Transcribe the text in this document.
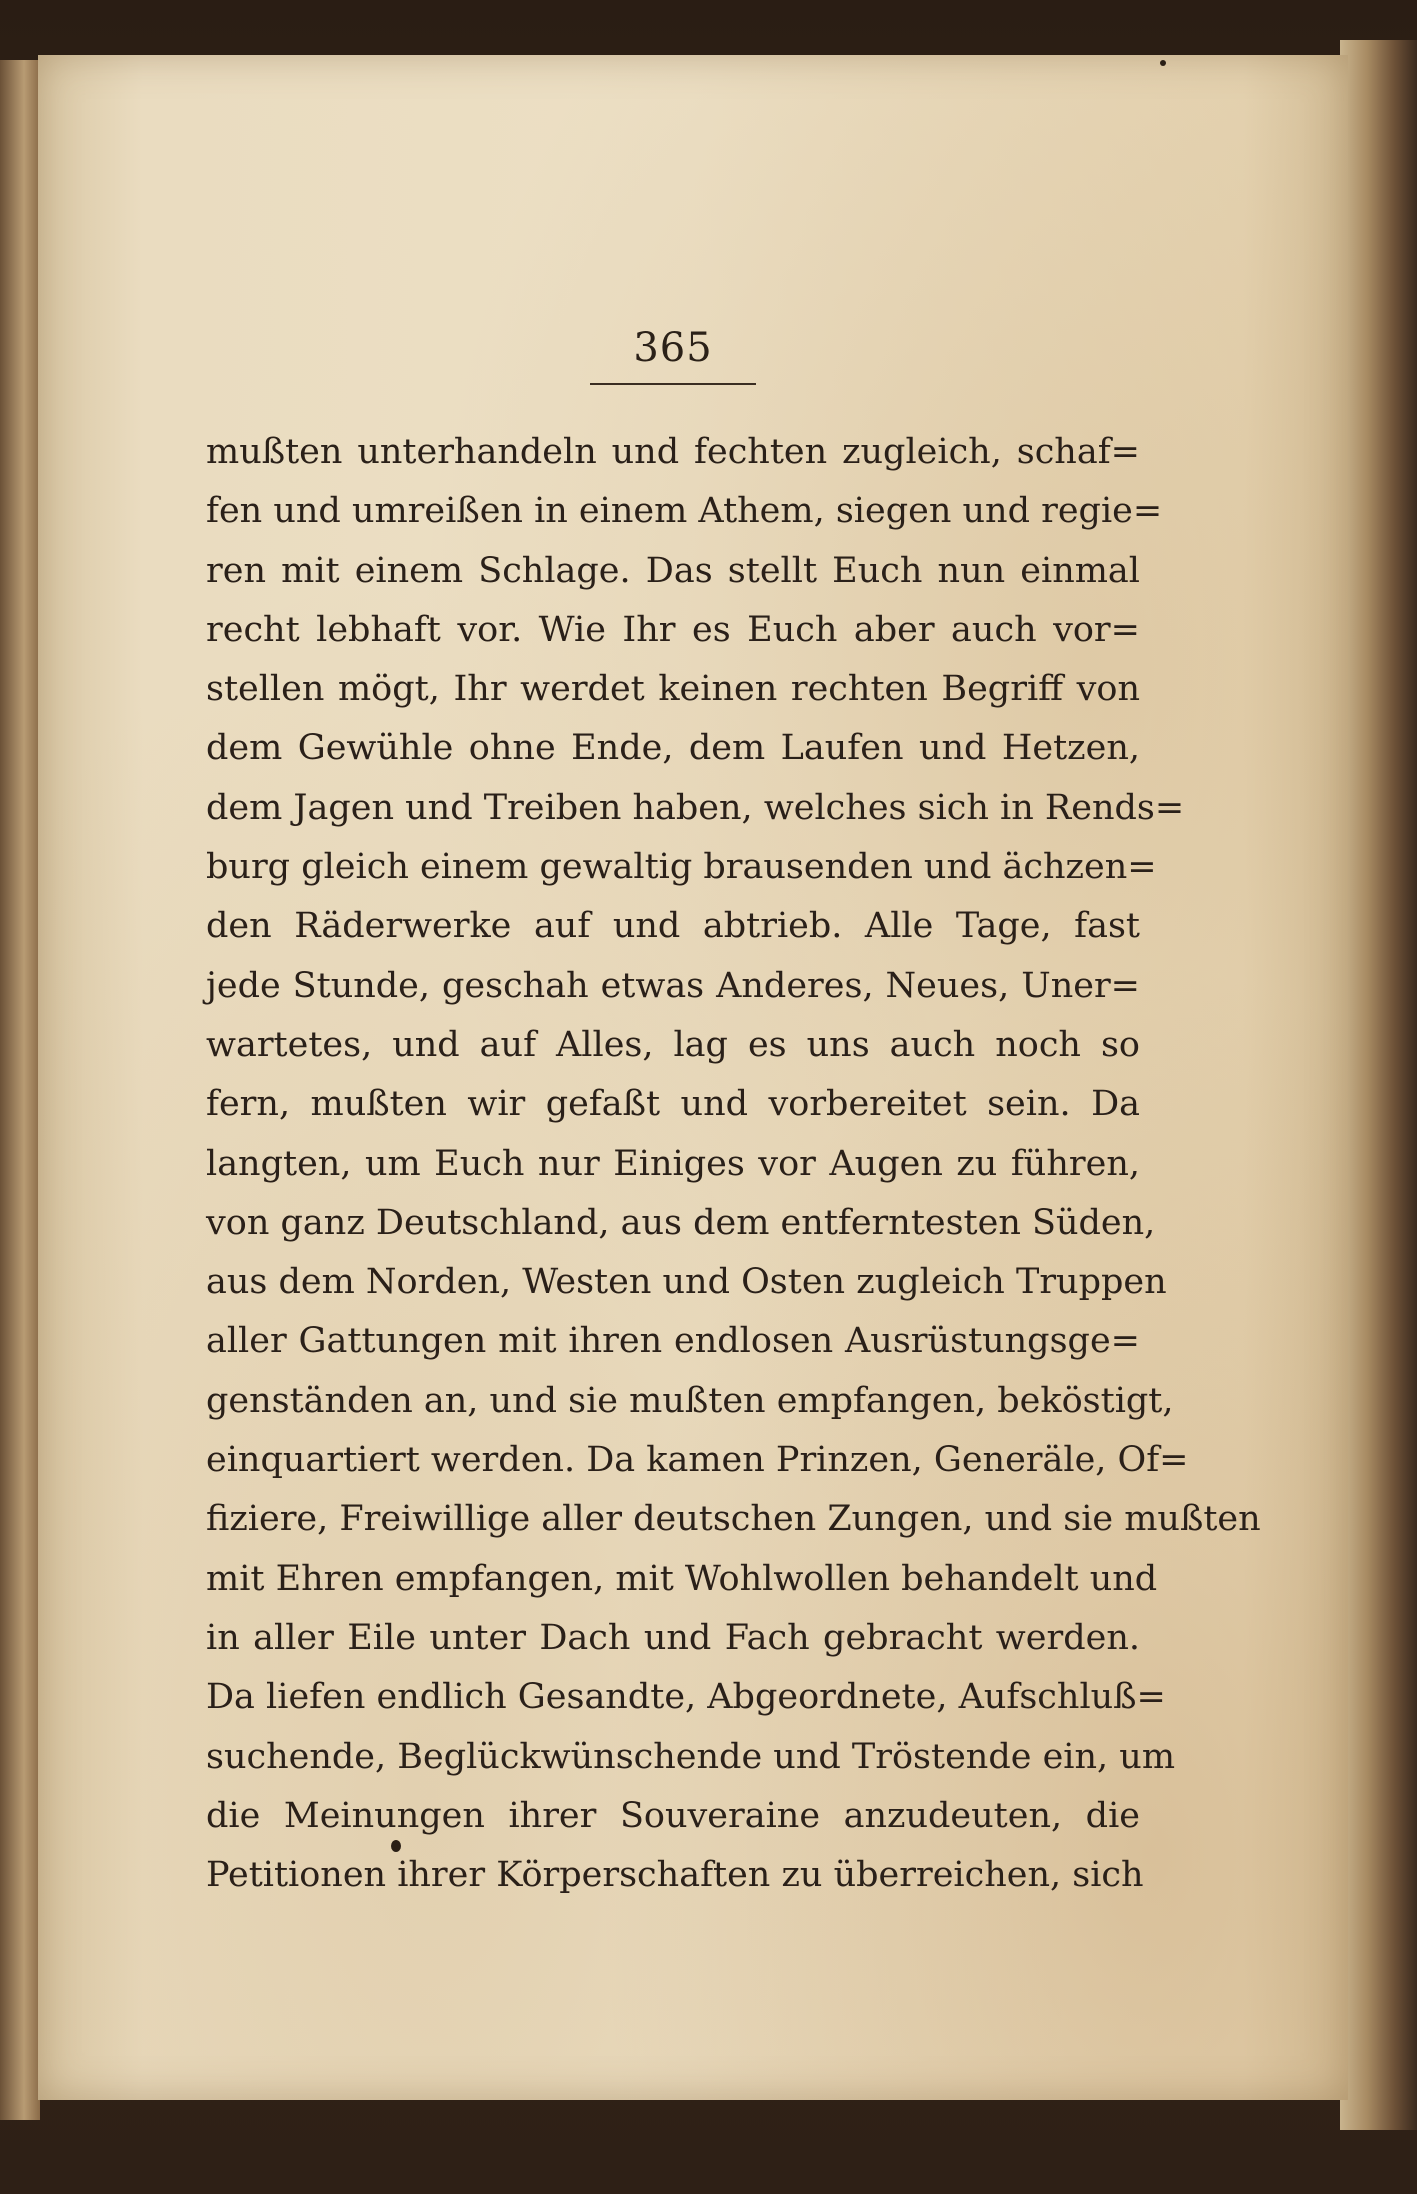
365
mußten unterhandeln und fechten zugleich, schaf=
fen und umreißen in einem Athem, siegen und regie=
ren mit einem Schlage. Das stellt Euch nun einmal
recht lebhaft vor. Wie Ihr es Euch aber auch vor=
stellen mögt, Ihr werdet keinen rechten Begriff von
dem Gewühle ohne Ende, dem Laufen und Hetzen,
dem Jagen und Treiben haben, welches sich in Rends=
burg gleich einem gewaltig brausenden und ächzen=
den Räderwerke auf und abtrieb. Alle Tage, fast
jede Stunde, geschah etwas Anderes, Neues, Uner=
wartetes, und auf Alles, lag es uns auch noch so
fern, mußten wir gefaßt und vorbereitet sein. Da
langten, um Euch nur Einiges vor Augen zu führen,
von ganz Deutschland, aus dem entferntesten Süden,
aus dem Norden, Westen und Osten zugleich Truppen
aller Gattungen mit ihren endlosen Ausrüstungsge=
genständen an, und sie mußten empfangen, beköstigt,
einquartiert werden. Da kamen Prinzen, Generäle, Of=
fiziere, Freiwillige aller deutschen Zungen, und sie mußten
mit Ehren empfangen, mit Wohlwollen behandelt und
in aller Eile unter Dach und Fach gebracht werden.
Da liefen endlich Gesandte, Abgeordnete, Aufschluß=
suchende, Beglückwünschende und Tröstende ein, um
die Meinungen ihrer Souveraine anzudeuten, die
Petitionen ihrer Körperschaften zu überreichen, sich
